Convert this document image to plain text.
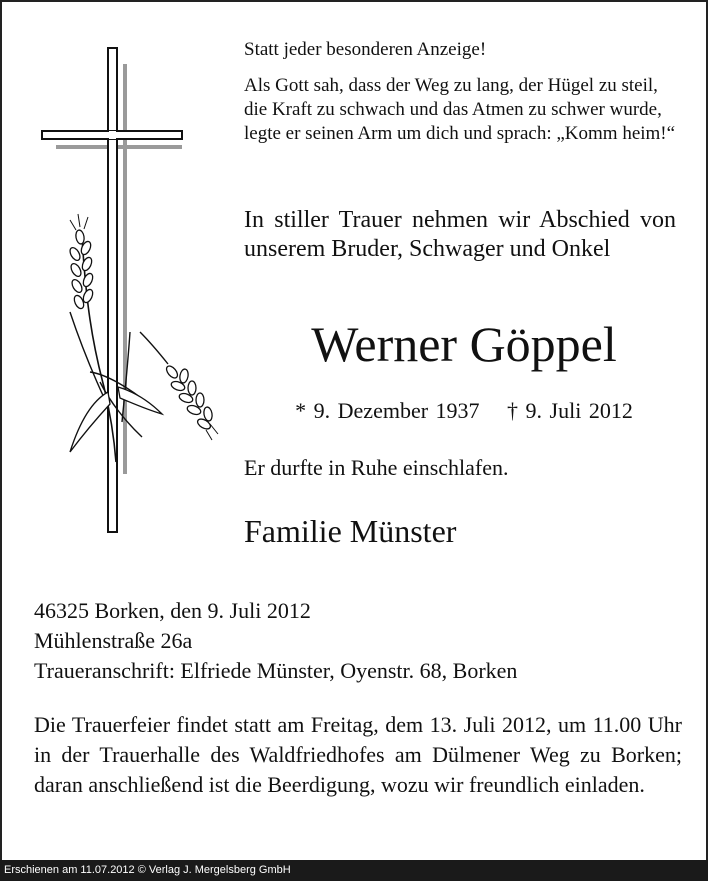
Statt jeder besonderen Anzeige!

Als Gott sah, dass der Weg zu lang, der Hügel zu steil, die Kraft zu schwach und das Atmen zu schwer wurde, legte er seinen Arm um dich und sprach: „Komm heim!“

In stiller Trauer nehmen wir Abschied von unserem Bruder, Schwager und Onkel
Werner Göppel
* 9. Dezember 1937 † 9. Juli 2012
Er durfte in Ruhe einschlafen.
Familie Münster
46325 Borken, den 9. Juli 2012
Mühlenstraße 26a
Traueranschrift: Elfriede Münster, Oyenstr. 68, Borken
Die Trauerfeier findet statt am Freitag, dem 13. Juli 2012, um 11.00 Uhr in der Trauerhalle des Waldfriedhofes am Dülmener Weg zu Borken; daran anschließend ist die Beerdigung, wozu wir freundlich einladen.
Erschienen am 11.07.2012 © Verlag J. Mergelsberg GmbH
